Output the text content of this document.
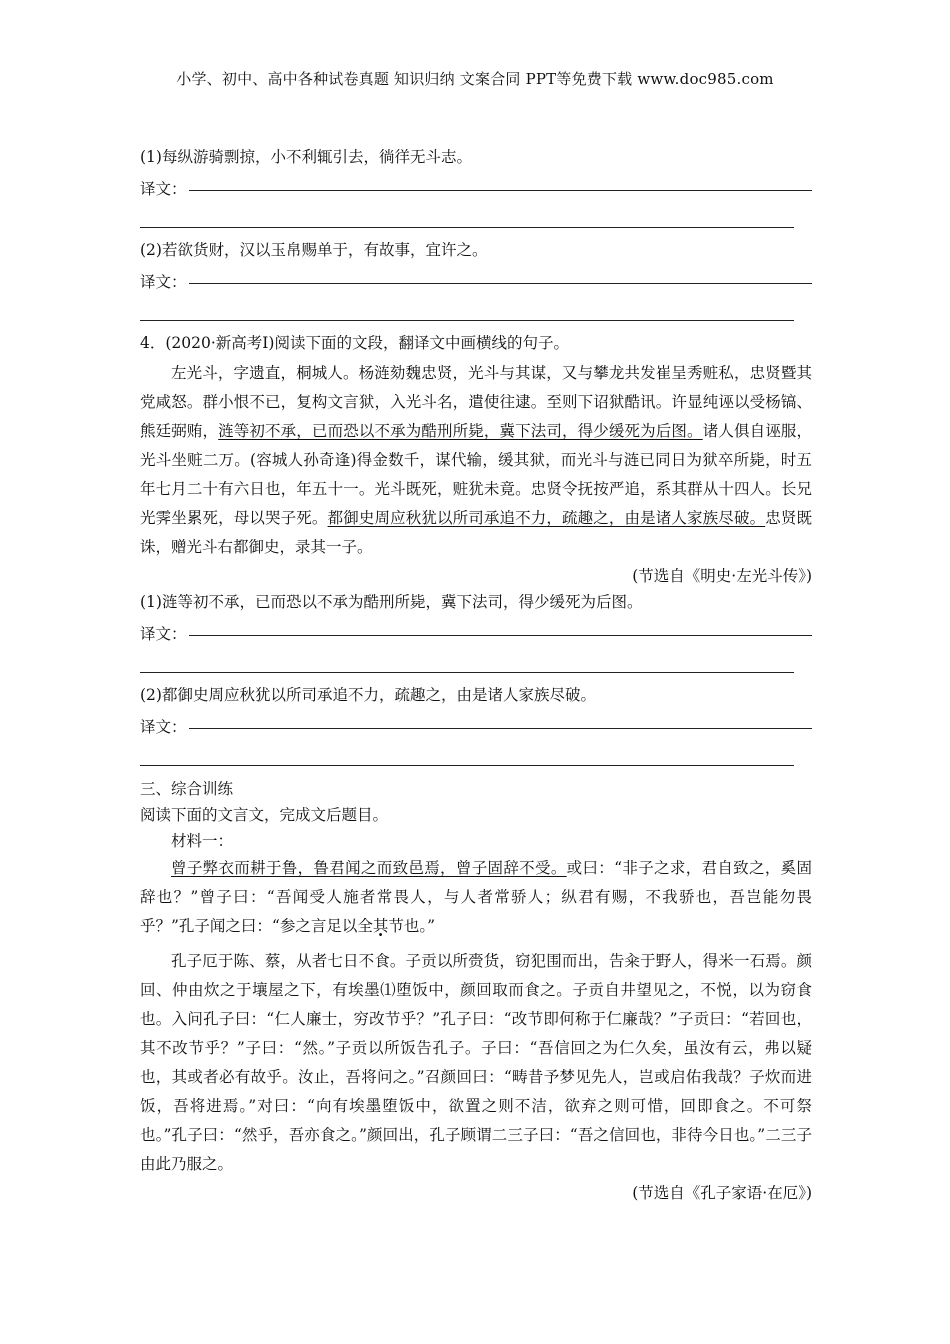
小学、初中、高中各种试卷真题 知识归纳 文案合同 PPT等免费下载 www.doc985.com

(1)每纵游骑剽掠，小不利辄引去，徜徉无斗志。

译文：

(2)若欲货财，汉以玉帛赐单于，有故事，宜许之。

译文：

4．(2020·新高考Ⅰ)阅读下面的文段，翻译文中画横线的句子。

左光斗，字遗直，桐城人。杨涟劾魏忠贤，光斗与其谋，又与攀龙共发崔呈秀赃私，忠贤暨其党咸怒。群小恨不已，复构文言狱，入光斗名，遣使往逮。至则下诏狱酷讯。许显纯诬以受杨镐、熊廷弼贿，涟等初不承，已而恐以不承为酷刑所毙，冀下法司，得少缓死为后图。诸人俱自诬服，光斗坐赃二万。(容城人孙奇逢)得金数千，谋代输，缓其狱，而光斗与涟已同日为狱卒所毙，时五年七月二十有六日也，年五十一。光斗既死，赃犹未竟。忠贤令抚按严追，系其群从十四人。长兄光霁坐累死，母以哭子死。都御史周应秋犹以所司承追不力，疏趣之，由是诸人家族尽破。忠贤既诛，赠光斗右都御史，录其一子。

(节选自《明史·左光斗传》)

(1)涟等初不承，已而恐以不承为酷刑所毙，冀下法司，得少缓死为后图。

译文：

(2)都御史周应秋犹以所司承追不力，疏趣之，由是诸人家族尽破。

译文：

三、综合训练

阅读下面的文言文，完成文后题目。

材料一：

曾子弊衣而耕于鲁，鲁君闻之而致邑焉，曾子固辞不受。或曰：“非子之求，君自致之，奚固辞也？”曾子曰：“吾闻受人施者常畏人，与人者常骄人；纵君有赐，不我骄也，吾岂能勿畏乎？”孔子闻之曰：“参之言足以全其节也。”

孔子厄于陈、蔡，从者七日不食。子贡以所赍货，窃犯围而出，告籴于野人，得米一石焉。颜回、仲由炊之于壤屋之下，有埃墨⑴堕饭中，颜回取而食之。子贡自井望见之，不悦，以为窃食也。入问孔子曰：“仁人廉士，穷改节乎？”孔子曰：“改节即何称于仁廉哉？”子贡曰：“若回也，其不改节乎？”子曰：“然。”子贡以所饭告孔子。子曰：“吾信回之为仁久矣，虽汝有云，弗以疑也，其或者必有故乎。汝止，吾将问之。”召颜回曰：“畴昔予梦见先人，岂或启佑我哉？子炊而进饭，吾将进焉。”对曰：“向有埃墨堕饭中，欲置之则不洁，欲弃之则可惜，回即食之。不可祭也。”孔子曰：“然乎，吾亦食之。”颜回出，孔子顾谓二三子曰：“吾之信回也，非待今日也。”二三子由此乃服之。

(节选自《孔子家语·在厄》)
